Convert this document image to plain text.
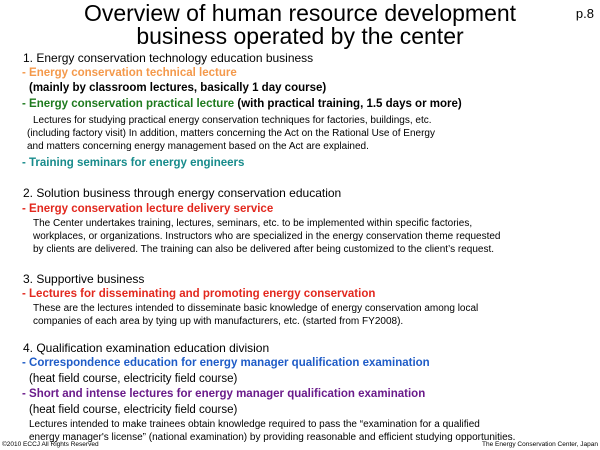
Overview of human resource development
business operated by the center
p.8
1. Energy conservation technology education business
- Energy conservation technical lecture
(mainly by classroom lectures, basically 1 day course)
- Energy conservation practical lecture (with practical training, 1.5 days or more)
Lectures for studying practical energy conservation techniques for factories, buildings, etc.
(including factory visit) In addition, matters concerning the Act on the Rational Use of Energy
and matters concerning energy management based on the Act are explained.
- Training seminars for energy engineers
2. Solution business through energy conservation education
- Energy conservation lecture delivery service
The Center undertakes training, lectures, seminars, etc. to be implemented within specific factories,
workplaces, or organizations. Instructors who are specialized in the energy conservation theme requested
by clients are delivered. The training can also be delivered after being customized to the client’s request.
3. Supportive business
- Lectures for disseminating and promoting energy conservation
These are the lectures intended to disseminate basic knowledge of energy conservation among local
companies of each area by tying up with manufacturers, etc. (started from FY2008).
4. Qualification examination education division
- Correspondence education for energy manager qualification examination
(heat field course, electricity field course)
- Short and intense lectures for energy manager qualification examination
(heat field course, electricity field course)
Lectures intended to make trainees obtain knowledge required to pass the “examination for a qualified
energy manager's license” (national examination) by providing reasonable and efficient studying opportunities.
©2010 ECCJ All Rights Reserved	The Energy Conservation Center, Japan
